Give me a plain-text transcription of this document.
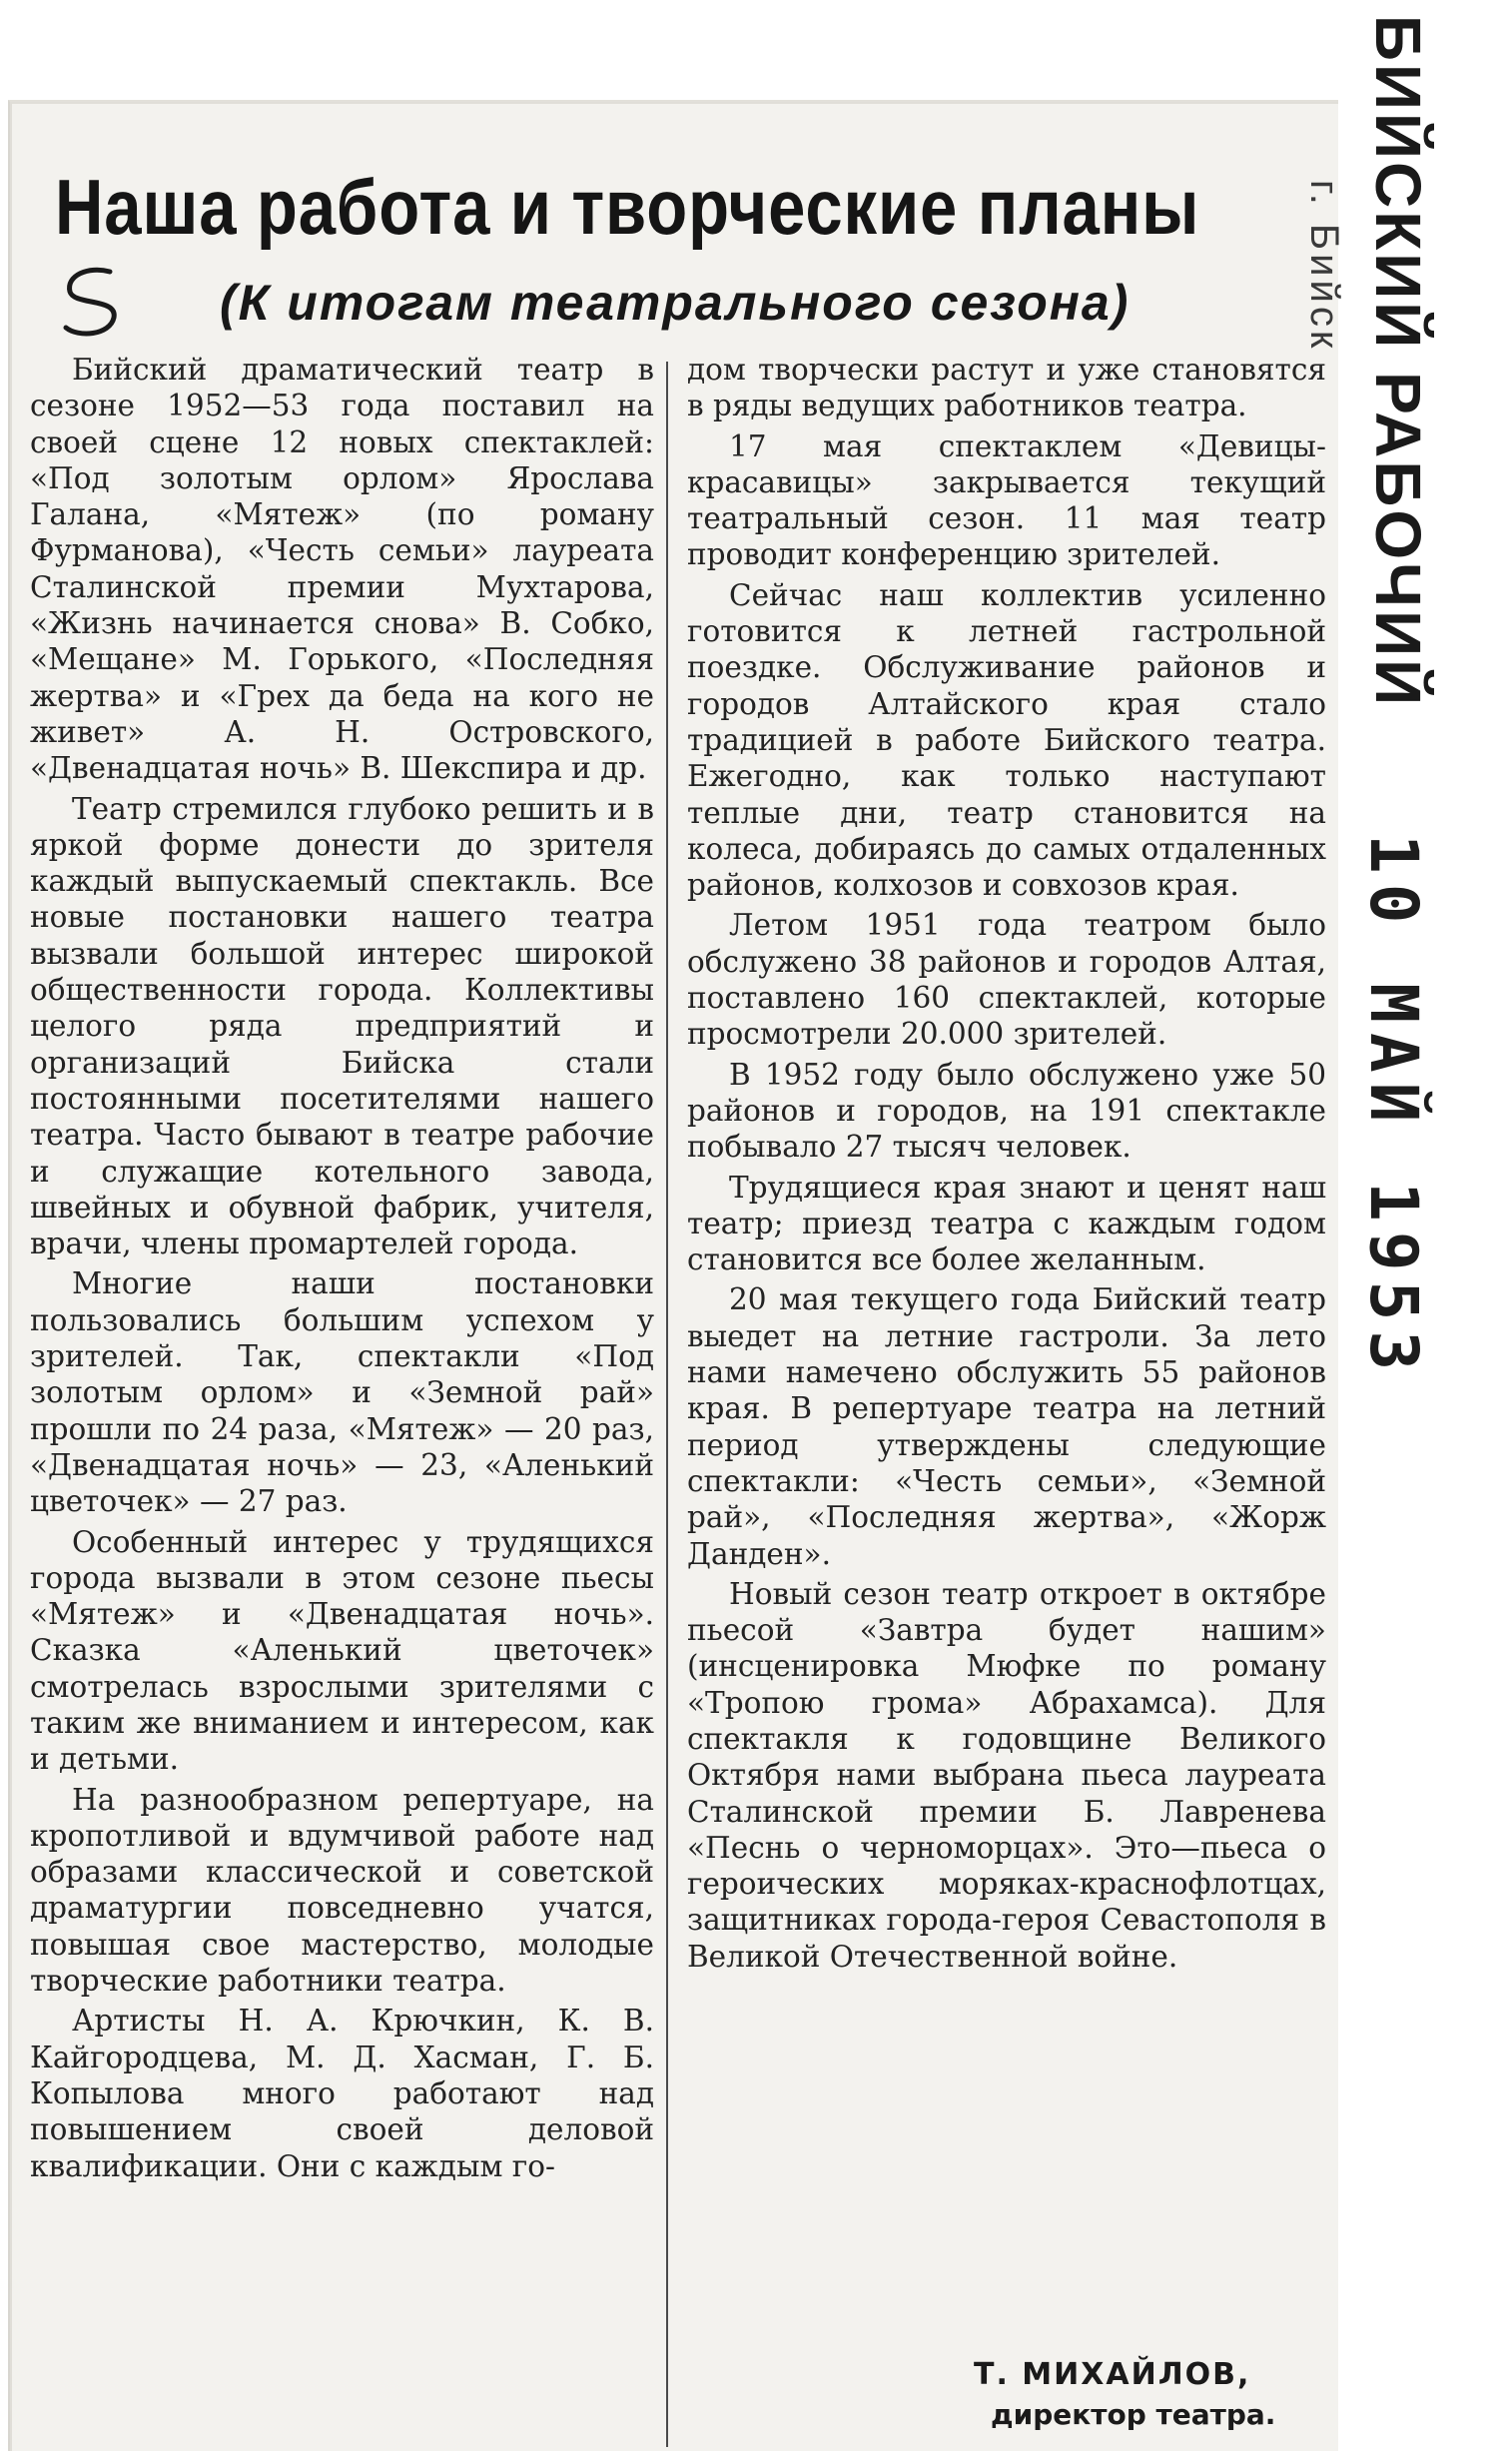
Наша работа и творческие планы
(К итогам театрального сезона)

Бийский драматический театр в сезоне 1952—53 года поставил на своей сцене 12 новых спектаклей: «Под золотым орлом» Ярослава Галана, «Мятеж» (по роману Фурманова), «Честь семьи» лауреата Сталинской премии Мухтарова, «Жизнь начинается снова» В. Собко, «Мещане» М. Горького, «Последняя жертва» и «Грех да беда на кого не живет» А. Н. Островского, «Двенадцатая ночь» В. Шекспира и др.

Театр стремился глубоко решить и в яркой форме донести до зрителя каждый выпускаемый спектакль. Все новые постановки нашего театра вызвали большой интерес широкой общественности города. Коллективы целого ряда предприятий и организаций Бийска стали постоянными посетителями нашего театра. Часто бывают в театре рабочие и служащие котельного завода, швейных и обувной фабрик, учителя, врачи, члены промартелей города.

Многие наши постановки пользовались большим успехом у зрителей. Так, спектакли «Под золотым орлом» и «Земной рай» прошли по 24 раза, «Мятеж» — 20 раз, «Двенадцатая ночь» — 23, «Аленький цветочек» — 27 раз.

Особенный интерес у трудящихся города вызвали в этом сезоне пьесы «Мятеж» и «Двенадцатая ночь». Сказка «Аленький цветочек» смотрелась взрослыми зрителями с таким же вниманием и интересом, как и детьми.

На разнообразном репертуаре, на кропотливой и вдумчивой работе над образами классической и советской драматургии повседневно учатся, повышая свое мастерство, молодые творческие работники театра.

Артисты Н. А. Крючкин, К. В. Кайгородцева, М. Д. Хасман, Г. Б. Копылова много работают над повышением своей деловой квалификации. Они с каждым го-

дом творчески растут и уже становятся в ряды ведущих работников театра.

17 мая спектаклем «Девицы-красавицы» закрывается текущий театральный сезон. 11 мая театр проводит конференцию зрителей.

Сейчас наш коллектив усиленно готовится к летней гастрольной поездке. Обслуживание районов и городов Алтайского края стало традицией в работе Бийского театра. Ежегодно, как только наступают теплые дни, театр становится на колеса, добираясь до самых отдаленных районов, колхозов и совхозов края.

Летом 1951 года театром было обслужено 38 районов и городов Алтая, поставлено 160 спектаклей, которые просмотрели 20.000 зрителей.

В 1952 году было обслужено уже 50 районов и городов, на 191 спектакле побывало 27 тысяч человек.

Трудящиеся края знают и ценят наш театр; приезд театра с каждым годом становится все более желанным.

20 мая текущего года Бийский театр выедет на летние гастроли. За лето нами намечено обслужить 55 районов края. В репертуаре театра на летний период утверждены следующие спектакли: «Честь семьи», «Земной рай», «Последняя жертва», «Жорж Данден».

Новый сезон театр откроет в октябре пьесой «Завтра будет нашим» (инсценировка Мюфке по роману «Тропою грома» Абрахамса). Для спектакля к годовщине Великого Октября нами выбрана пьеса лауреата Сталинской премии Б. Лавренева «Песнь о черноморцах». Это—пьеса о героических моряках-краснофлотцах, защитниках города-героя Севастополя в Великой Отечественной войне.

Т. МИХАЙЛОВ,
директор театра.
БИЙСКИЙ РАБОЧИЙ
г. Бийск
10 МАЙ 1953
